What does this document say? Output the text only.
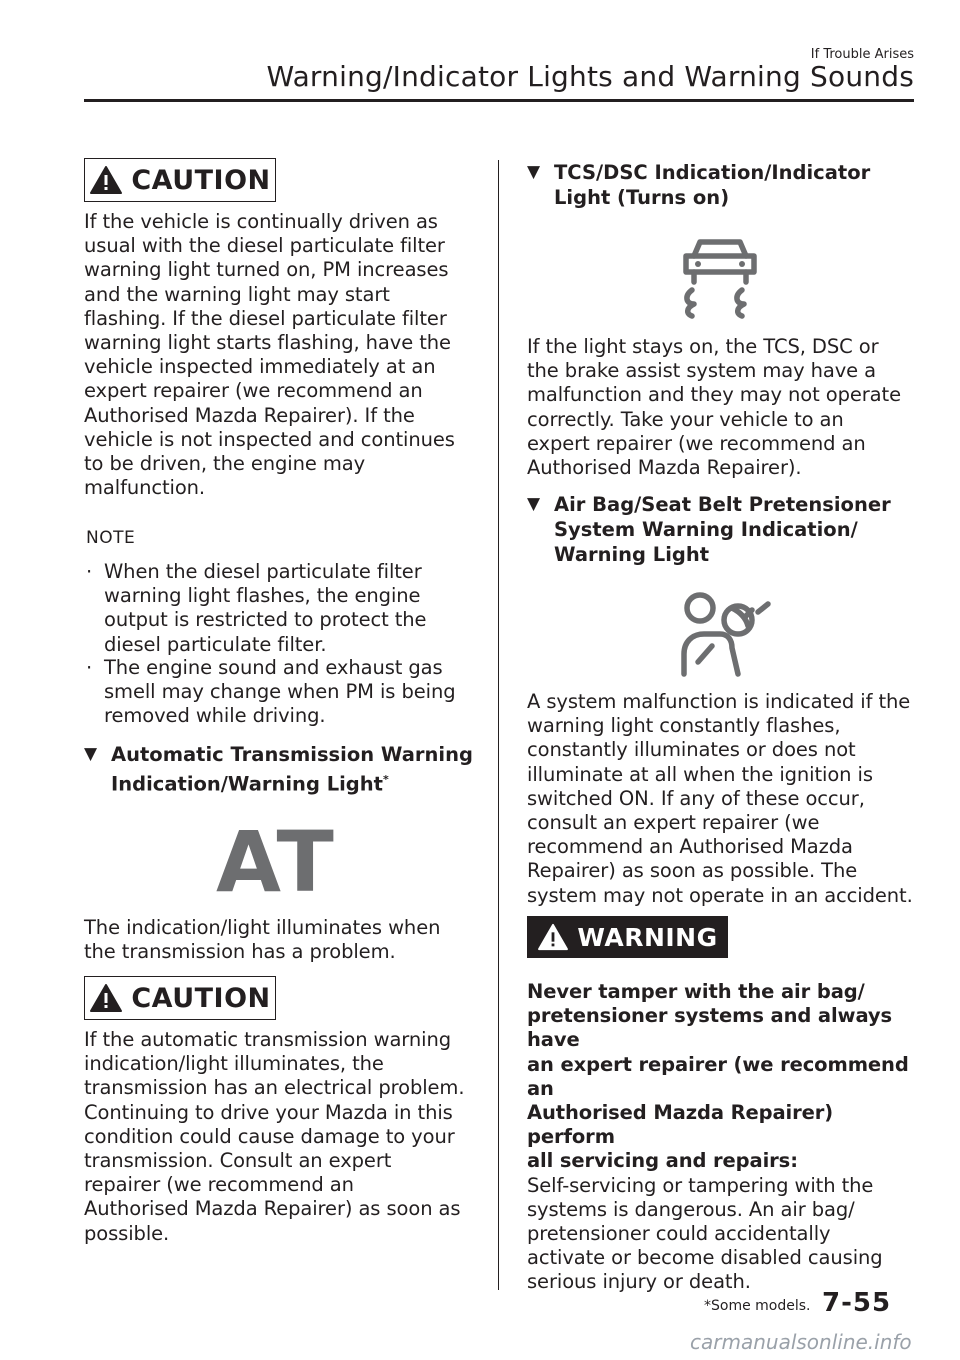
If Trouble Arises
Warning/Indicator Lights and Warning Sounds
CAUTION
If the vehicle is continually driven as
usual with the diesel particulate filter
warning light turned on, PM increases
and the warning light may start
flashing. If the diesel particulate filter
warning light starts flashing, have the
vehicle inspected immediately at an
expert repairer (we recommend an
Authorised Mazda Repairer). If the
vehicle is not inspected and continues
to be driven, the engine may
malfunction.
NOTE
· When the diesel particulate filter
warning light flashes, the engine
output is restricted to protect the
diesel particulate filter.
· The engine sound and exhaust gas
smell may change when PM is being
removed while driving.
▼ Automatic Transmission Warning
Indication/Warning Light*
AT
The indication/light illuminates when
the transmission has a problem.
CAUTION
If the automatic transmission warning
indication/light illuminates, the
transmission has an electrical problem.
Continuing to drive your Mazda in this
condition could cause damage to your
transmission. Consult an expert
repairer (we recommend an
Authorised Mazda Repairer) as soon as
possible.
▼ TCS/DSC Indication/Indicator
Light (Turns on)
If the light stays on, the TCS, DSC or
the brake assist system may have a
malfunction and they may not operate
correctly. Take your vehicle to an
expert repairer (we recommend an
Authorised Mazda Repairer).
▼ Air Bag/Seat Belt Pretensioner
System Warning Indication/
Warning Light
A system malfunction is indicated if the
warning light constantly flashes,
constantly illuminates or does not
illuminate at all when the ignition is
switched ON. If any of these occur,
consult an expert repairer (we
recommend an Authorised Mazda
Repairer) as soon as possible. The
system may not operate in an accident.
WARNING
Never tamper with the air bag/
pretensioner systems and always have
an expert repairer (we recommend an
Authorised Mazda Repairer) perform
all servicing and repairs:
Self-servicing or tampering with the
systems is dangerous. An air bag/
pretensioner could accidentally
activate or become disabled causing
serious injury or death.
*Some models. 7-55
carmanualsonline.info
